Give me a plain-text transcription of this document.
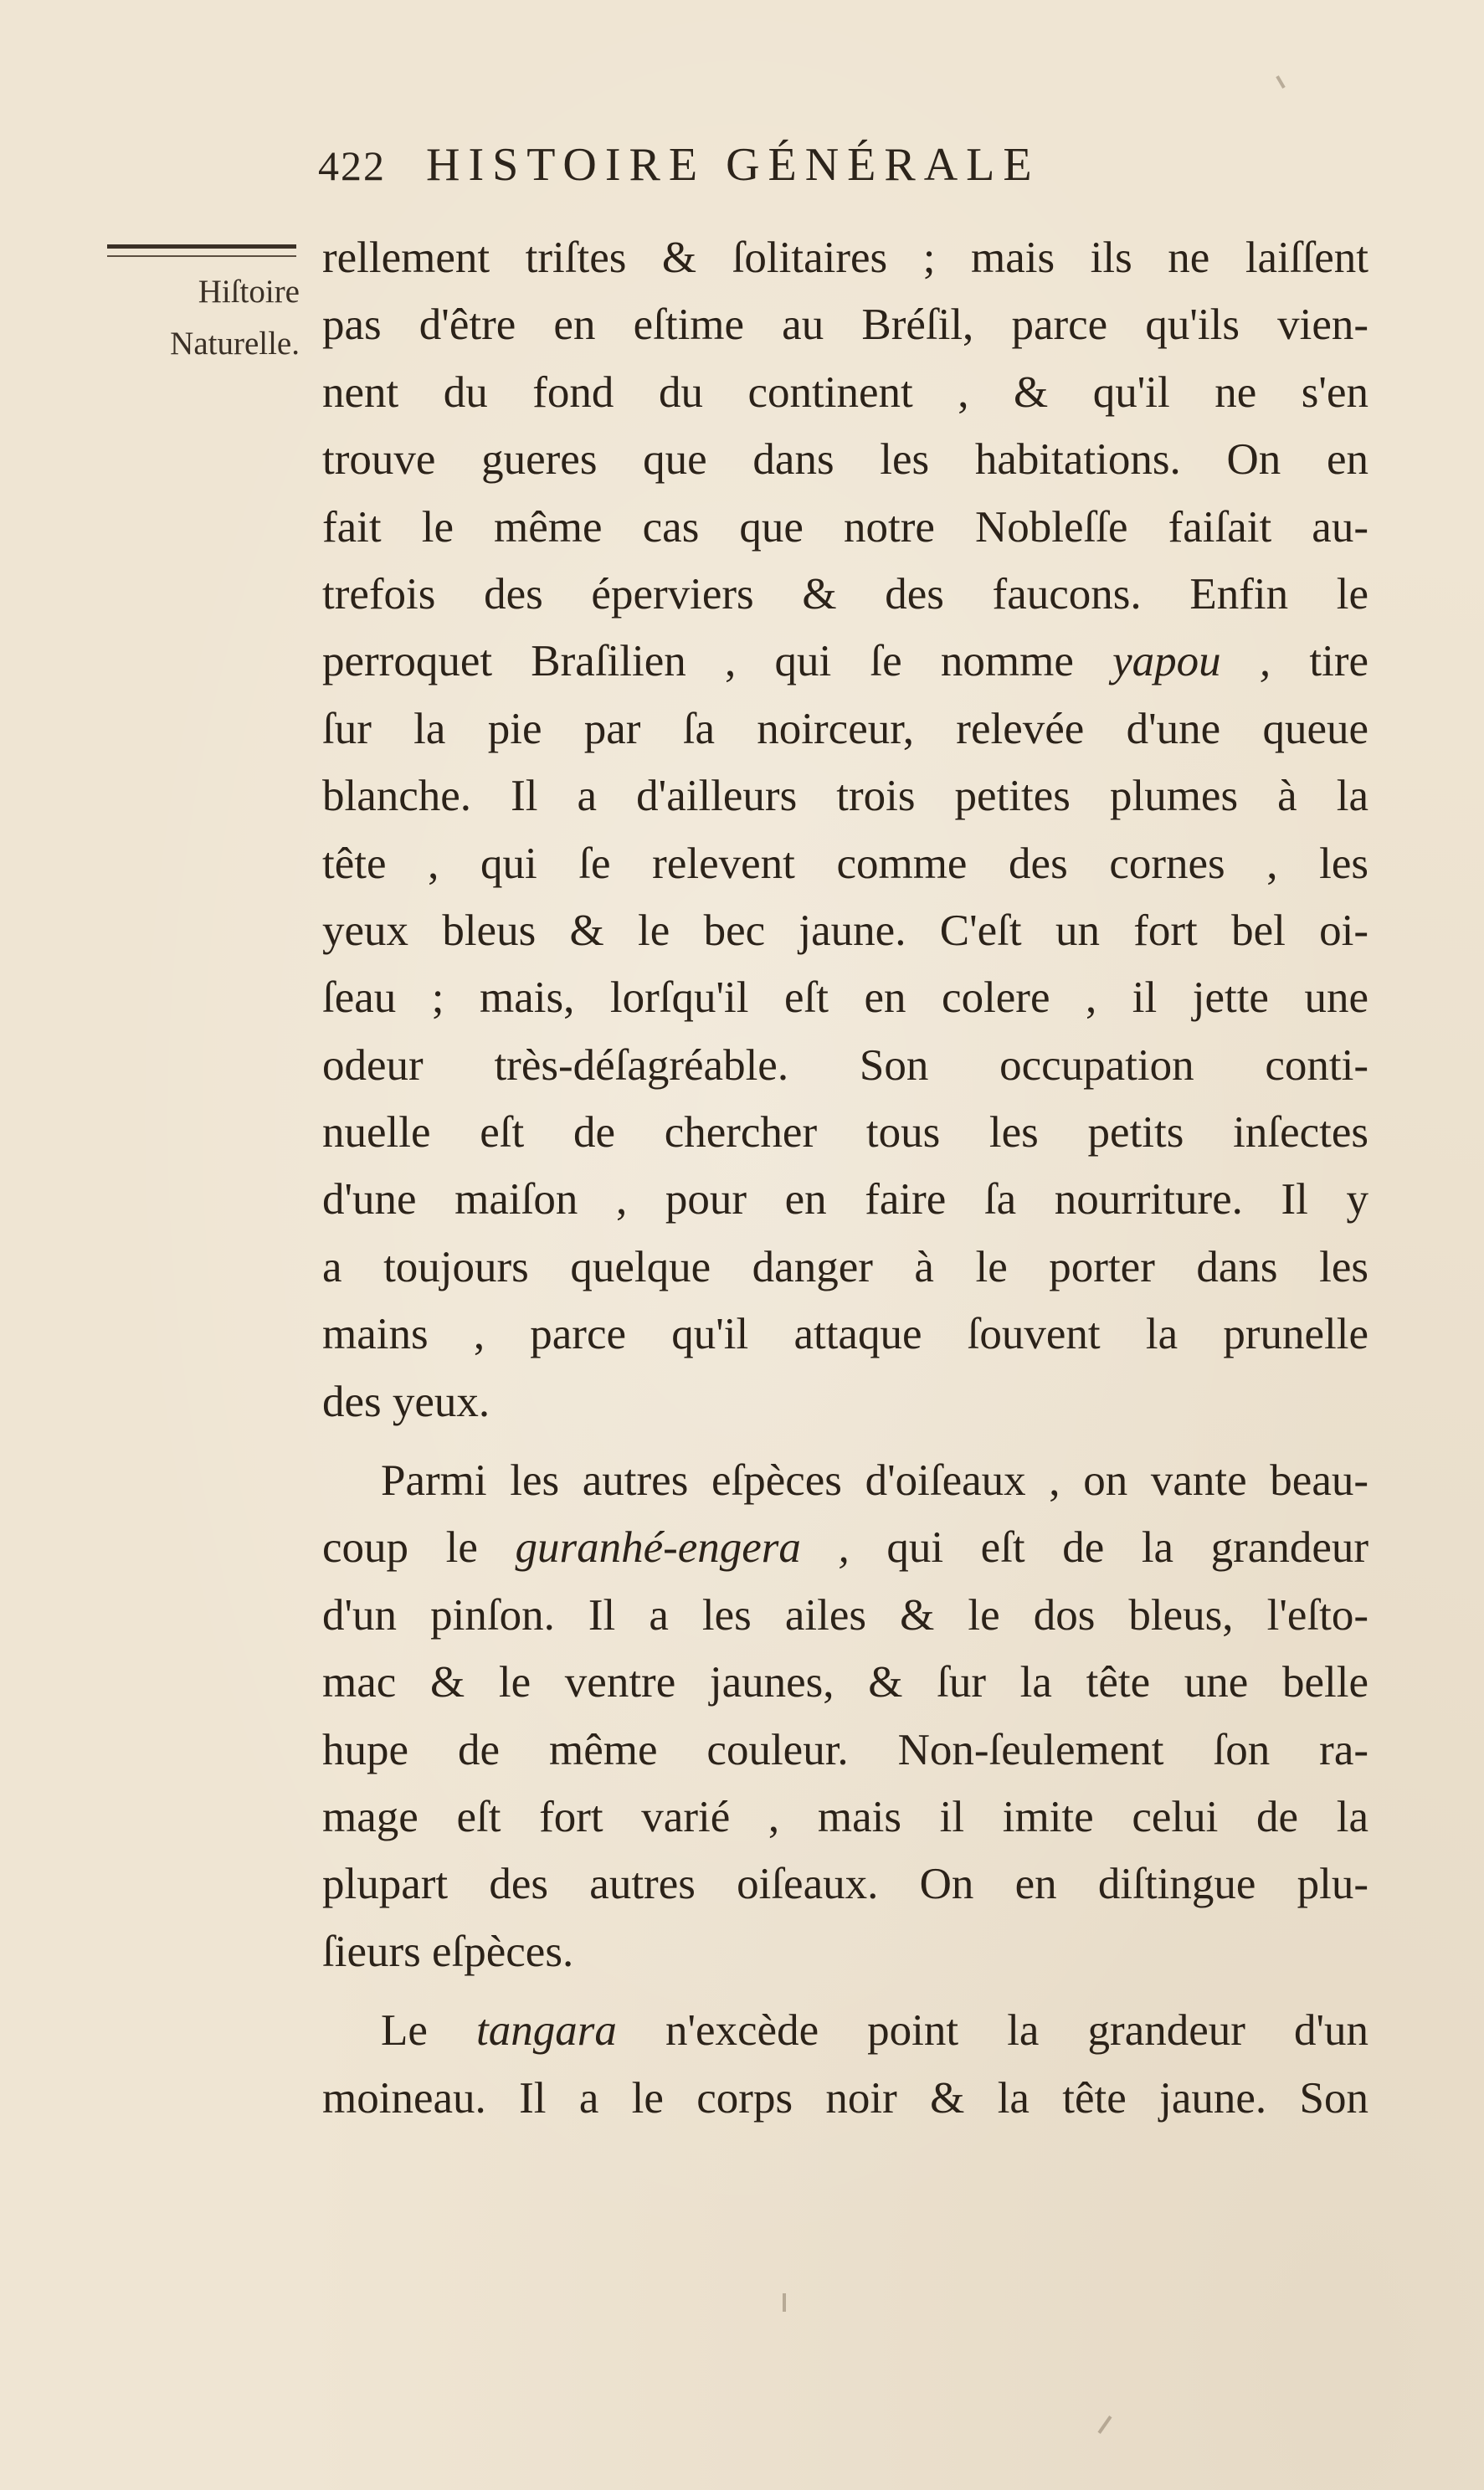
422 HISTOIRE GÉNÉRALE
Hiſtoire
Naturelle.
rellement triſtes & ſolitaires ; mais ils ne laiſſent
pas d'être en eſtime au Bréſil, parce qu'ils vien-
nent du fond du continent , & qu'il ne s'en
trouve gueres que dans les habitations. On en
fait le même cas que notre Nobleſſe faiſait au-
trefois des éperviers & des faucons. Enfin le
perroquet Braſilien , qui ſe nomme yapou , tire
ſur la pie par ſa noirceur, relevée d'une queue
blanche. Il a d'ailleurs trois petites plumes à la
tête , qui ſe relevent comme des cornes , les
yeux bleus & le bec jaune. C'eſt un fort bel oi-
ſeau ; mais, lorſqu'il eſt en colere , il jette une
odeur très-déſagréable. Son occupation conti-
nuelle eſt de chercher tous les petits inſectes
d'une maiſon , pour en faire ſa nourriture. Il y
a toujours quelque danger à le porter dans les
mains , parce qu'il attaque ſouvent la prunelle
des yeux.
Parmi les autres eſpèces d'oiſeaux , on vante beau-
coup le guranhé-engera , qui eſt de la grandeur
d'un pinſon. Il a les ailes & le dos bleus, l'eſto-
mac & le ventre jaunes, & ſur la tête une belle
hupe de même couleur. Non-ſeulement ſon ra-
mage eſt fort varié , mais il imite celui de la
plupart des autres oiſeaux. On en diſtingue plu-
ſieurs eſpèces.
Le tangara n'excède point la grandeur d'un
moineau. Il a le corps noir & la tête jaune. Son
